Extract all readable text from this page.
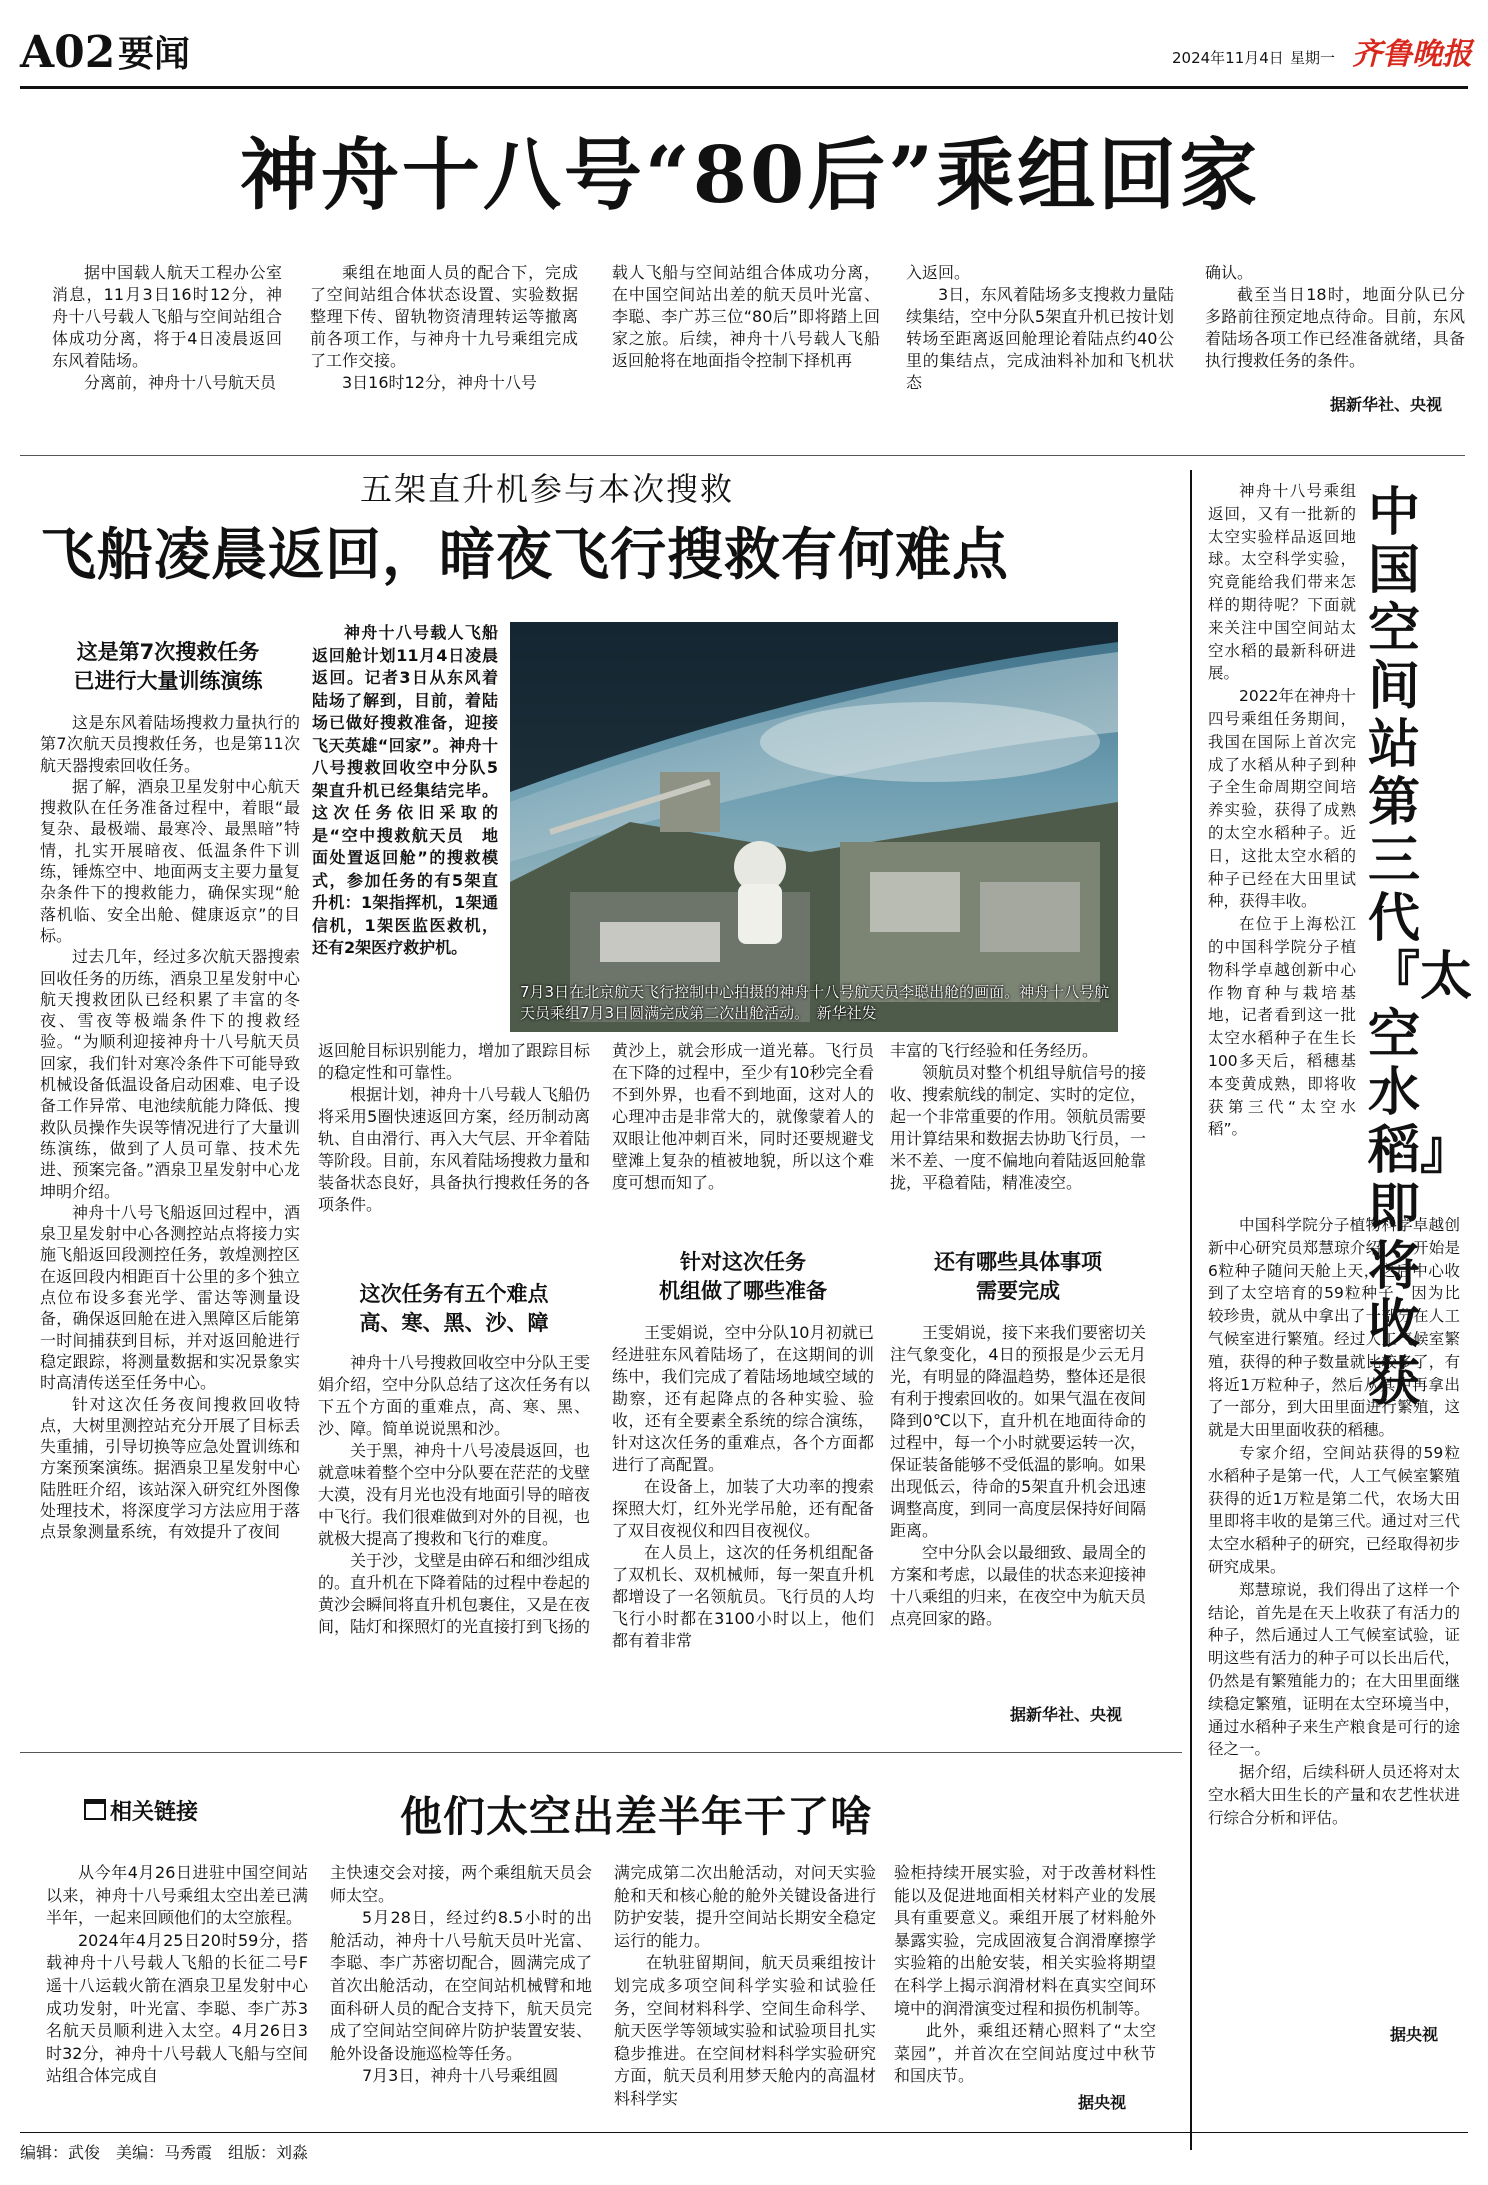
A02 要闻	2024年11月4日 星期一 齐鲁晚报
神舟十八号“80后”乘组回家

据中国载人航天工程办公室消息，11月3日16时12分，神舟十八号载人飞船与空间站组合体成功分离，将于4日凌晨返回东风着陆场。

分离前，神舟十八号航天员

乘组在地面人员的配合下，完成了空间站组合体状态设置、实验数据整理下传、留轨物资清理转运等撤离前各项工作，与神舟十九号乘组完成了工作交接。

3日16时12分，神舟十八号

载人飞船与空间站组合体成功分离，在中国空间站出差的航天员叶光富、李聪、李广苏三位“80后”即将踏上回家之旅。后续，神舟十八号载人飞船返回舱将在地面指令控制下择机再

入返回。

3日，东风着陆场多支搜救力量陆续集结，空中分队5架直升机已按计划转场至距离返回舱理论着陆点约40公里的集结点，完成油料补加和飞机状态

确认。

截至当日18时，地面分队已分多路前往预定地点待命。目前，东风着陆场各项工作已经准备就绪，具备执行搜救任务的条件。

据新华社、央视
五架直升机参与本次搜救
飞船凌晨返回，暗夜飞行搜救有何难点
这是第7次搜救任务
已进行大量训练演练

这是东风着陆场搜救力量执行的第7次航天员搜救任务，也是第11次航天器搜索回收任务。

据了解，酒泉卫星发射中心航天搜救队在任务准备过程中，着眼“最复杂、最极端、最寒冷、最黑暗”特情，扎实开展暗夜、低温条件下训练，锤炼空中、地面两支主要力量复杂条件下的搜救能力，确保实现“舱落机临、安全出舱、健康返京”的目标。

过去几年，经过多次航天器搜索回收任务的历练，酒泉卫星发射中心航天搜救团队已经积累了丰富的冬夜、雪夜等极端条件下的搜救经验。“为顺利迎接神舟十八号航天员回家，我们针对寒冷条件下可能导致机械设备低温设备启动困难、电子设备工作异常、电池续航能力降低、搜救队员操作失误等情况进行了大量训练演练，做到了人员可靠、技术先进、预案完备。”酒泉卫星发射中心龙坤明介绍。

神舟十八号飞船返回过程中，酒泉卫星发射中心各测控站点将接力实施飞船返回段测控任务，敦煌测控区在返回段内相距百十公里的多个独立点位布设多套光学、雷达等测量设备，确保返回舱在进入黑障区后能第一时间捕获到目标，并对返回舱进行稳定跟踪，将测量数据和实况景象实时高清传送至任务中心。

针对这次任务夜间搜救回收特点，大树里测控站充分开展了目标丢失重捕，引导切换等应急处置训练和方案预案演练。据酒泉卫星发射中心陆胜旺介绍，该站深入研究红外图像处理技术，将深度学习方法应用于落点景象测量系统，有效提升了夜间

神舟十八号载人飞船返回舱计划11月4日凌晨返回。记者3日从东风着陆场了解到，目前，着陆场已做好搜救准备，迎接飞天英雄“回家”。神舟十八号搜救回收空中分队5架直升机已经集结完毕。这次任务依旧采取的是“空中搜救航天员　地面处置返回舱”的搜救模式，参加任务的有5架直升机：1架指挥机，1架通信机，1架医监医救机，还有2架医疗救护机。
7月3日在北京航天飞行控制中心拍摄的神舟十八号航天员李聪出舱的画面。神舟十八号航天员乘组7月3日圆满完成第二次出舱活动。　新华社发

返回舱目标识别能力，增加了跟踪目标的稳定性和可靠性。

根据计划，神舟十八号载人飞船仍将采用5圈快速返回方案，经历制动离轨、自由滑行、再入大气层、开伞着陆等阶段。目前，东风着陆场搜救力量和装备状态良好，具备执行搜救任务的各项条件。

这次任务有五个难点
高、寒、黑、沙、障

神舟十八号搜救回收空中分队王雯娟介绍，空中分队总结了这次任务有以下五个方面的重难点，高、寒、黑、沙、障。简单说说黑和沙。

关于黑，神舟十八号凌晨返回，也就意味着整个空中分队要在茫茫的戈壁大漠，没有月光也没有地面引导的暗夜中飞行。我们很难做到对外的目视，也就极大提高了搜救和飞行的难度。

关于沙，戈壁是由碎石和细沙组成的。直升机在下降着陆的过程中卷起的黄沙会瞬间将直升机包裹住，又是在夜间，陆灯和探照灯的光直接打到飞扬的

黄沙上，就会形成一道光幕。飞行员在下降的过程中，至少有10秒完全看不到外界，也看不到地面，这对人的心理冲击是非常大的，就像蒙着人的双眼让他冲刺百米，同时还要规避戈壁滩上复杂的植被地貌，所以这个难度可想而知了。

针对这次任务
机组做了哪些准备

王雯娟说，空中分队10月初就已经进驻东风着陆场了，在这期间的训练中，我们完成了着陆场地域空域的勘察，还有起降点的各种实验、验收，还有全要素全系统的综合演练，针对这次任务的重难点，各个方面都进行了高配置。

在设备上，加装了大功率的搜索探照大灯，红外光学吊舱，还有配备了双目夜视仪和四目夜视仪。

在人员上，这次的任务机组配备了双机长、双机械师，每一架直升机都增设了一名领航员。飞行员的人均飞行小时都在3100小时以上，他们都有着非常

丰富的飞行经验和任务经历。

领航员对整个机组导航信号的接收、搜索航线的制定、实时的定位，起一个非常重要的作用。领航员需要用计算结果和数据去协助飞行员，一米不差、一度不偏地向着陆返回舱靠拢，平稳着陆，精准凌空。

还有哪些具体事项
需要完成

王雯娟说，接下来我们要密切关注气象变化，4日的预报是少云无月光，有明显的降温趋势，整体还是很有利于搜索回收的。如果气温在夜间降到0℃以下，直升机在地面待命的过程中，每一个小时就要运转一次，保证装备能够不受低温的影响。如果出现低云，待命的5架直升机会迅速调整高度，到同一高度层保持好间隔距离。

空中分队会以最细致、最周全的方案和考虑，以最佳的状态来迎接神十八乘组的归来，在夜空中为航天员点亮回家的路。

据新华社、央视

神舟十八号乘组返回，又有一批新的太空实验样品返回地球。太空科学实验，究竟能给我们带来怎样的期待呢？下面就来关注中国空间站太空水稻的最新科研进展。

2022年在神舟十四号乘组任务期间，我国在国际上首次完成了水稻从种子到种子全生命周期空间培养实验，获得了成熟的太空水稻种子。近日，这批太空水稻的种子已经在大田里试种，获得丰收。

在位于上海松江的中国科学院分子植物科学卓越创新中心作物育种与栽培基地，记者看到这一批太空水稻种子在生长100多天后，稻穗基本变黄成熟，即将收获第三代“太空水稻”。

中国科学院分子植物科学卓越创新中心研究员郑慧琼介绍，一开始是6粒种子随问天舱上天，之后中心收到了太空培育的59粒种子，因为比较珍贵，就从中拿出了一部分在人工气候室进行繁殖。经过人工气候室繁殖，获得的种子数量就比较多了，有将近1万粒种子，然后从其中再拿出了一部分，到大田里面进行繁殖，这就是大田里面收获的稻穗。

专家介绍，空间站获得的59粒水稻种子是第一代，人工气候室繁殖获得的近1万粒是第二代，农场大田里即将丰收的是第三代。通过对三代太空水稻种子的研究，已经取得初步研究成果。

郑慧琼说，我们得出了这样一个结论，首先是在天上收获了有活力的种子，然后通过人工气候室试验，证明这些有活力的种子可以长出后代，仍然是有繁殖能力的；在大田里面继续稳定繁殖，证明在太空环境当中，通过水稻种子来生产粮食是可行的途径之一。

据介绍，后续科研人员还将对太空水稻大田生长的产量和农艺性状进行综合分析和评估。

中国空间站第三代『太空水稻』即将收获
据央视
相关链接	他们太空出差半年干了啥

从今年4月26日进驻中国空间站以来，神舟十八号乘组太空出差已满半年，一起来回顾他们的太空旅程。

2024年4月25日20时59分，搭载神舟十八号载人飞船的长征二号F遥十八运载火箭在酒泉卫星发射中心成功发射，叶光富、李聪、李广苏3名航天员顺利进入太空。4月26日3时32分，神舟十八号载人飞船与空间站组合体完成自

主快速交会对接，两个乘组航天员会师太空。

5月28日，经过约8.5小时的出舱活动，神舟十八号航天员叶光富、李聪、李广苏密切配合，圆满完成了首次出舱活动，在空间站机械臂和地面科研人员的配合支持下，航天员完成了空间站空间碎片防护装置安装、舱外设备设施巡检等任务。

7月3日，神舟十八号乘组圆

满完成第二次出舱活动，对问天实验舱和天和核心舱的舱外关键设备进行防护安装，提升空间站长期安全稳定运行的能力。

在轨驻留期间，航天员乘组按计划完成多项空间科学实验和试验任务，空间材料科学、空间生命科学、航天医学等领域实验和试验项目扎实稳步推进。在空间材料科学实验研究方面，航天员利用梦天舱内的高温材料科学实

验柜持续开展实验，对于改善材料性能以及促进地面相关材料产业的发展具有重要意义。乘组开展了材料舱外暴露实验，完成固液复合润滑摩擦学实验箱的出舱安装，相关实验将期望在科学上揭示润滑材料在真实空间环境中的润滑演变过程和损伤机制等。

此外，乘组还精心照料了“太空菜园”，并首次在空间站度过中秋节和国庆节。

据央视
编辑：武俊　美编：马秀霞　组版：刘淼
